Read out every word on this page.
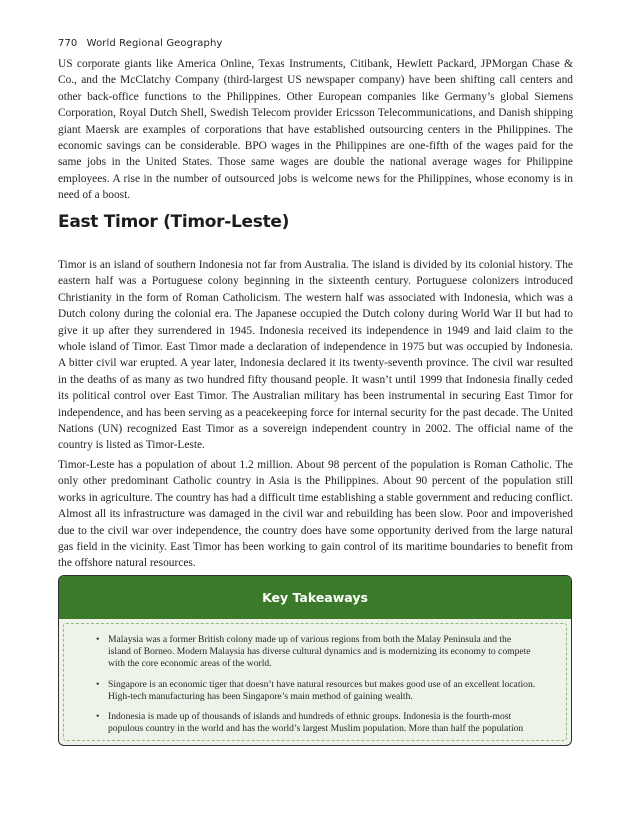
770 World Regional Geography

US corporate giants like America Online, Texas Instruments, Citibank, Hewlett Packard, JPMorgan Chase & Co., and the McClatchy Company (third-largest US newspaper company) have been shifting call centers and other back-office functions to the Philippines. Other European companies like Germany’s global Siemens Corporation, Royal Dutch Shell, Swedish Telecom provider Ericsson Telecommunications, and Danish shipping giant Maersk are examples of corporations that have established outsourcing centers in the Philippines. The economic savings can be considerable. BPO wages in the Philippines are one-fifth of the wages paid for the same jobs in the United States. Those same wages are double the national average wages for Philippine employees. A rise in the number of outsourced jobs is welcome news for the Philippines, whose economy is in need of a boost.

East Timor (Timor-Leste)

Timor is an island of southern Indonesia not far from Australia. The island is divided by its colonial history. The eastern half was a Portuguese colony beginning in the sixteenth century. Portuguese colonizers introduced Christianity in the form of Roman Catholicism. The western half was associated with Indonesia, which was a Dutch colony during the colonial era. The Japanese occupied the Dutch colony during World War II but had to give it up after they surrendered in 1945. Indonesia received its independence in 1949 and laid claim to the whole island of Timor. East Timor made a declaration of independence in 1975 but was occupied by Indonesia. A bitter civil war erupted. A year later, Indonesia declared it its twenty-seventh province. The civil war resulted in the deaths of as many as two hundred fifty thousand people. It wasn’t until 1999 that Indonesia finally ceded its political control over East Timor. The Australian military has been instrumental in securing East Timor for independence, and has been serving as a peacekeeping force for internal security for the past decade. The United Nations (UN) recognized East Timor as a sovereign independent country in 2002. The official name of the country is listed as Timor-Leste.

Timor-Leste has a population of about 1.2 million. About 98 percent of the population is Roman Catholic. The only other predominant Catholic country in Asia is the Philippines. About 90 percent of the population still works in agriculture. The country has had a difficult time establishing a stable government and reducing conflict. Almost all its infrastructure was damaged in the civil war and rebuilding has been slow. Poor and impoverished due to the civil war over independence, the country does have some opportunity derived from the large natural gas field in the vicinity. East Timor has been working to gain control of its maritime boundaries to benefit from the offshore natural resources.

Key Takeaways
• Malaysia was a former British colony made up of various regions from both the Malay Peninsula and the island of Borneo. Modern Malaysia has diverse cultural dynamics and is modernizing its economy to compete with the core economic areas of the world.
• Singapore is an economic tiger that doesn’t have natural resources but makes good use of an excellent location. High-tech manufacturing has been Singapore’s main method of gaining wealth.
• Indonesia is made up of thousands of islands and hundreds of ethnic groups. Indonesia is the fourth-most populous country in the world and has the world’s largest Muslim population. More than half the population
